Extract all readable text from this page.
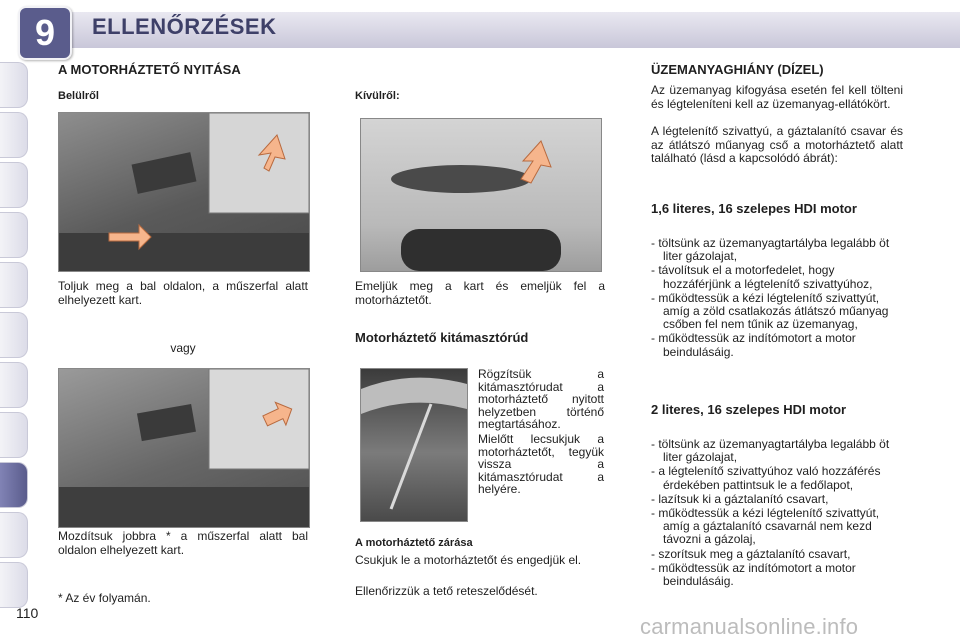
9	ELLENŐRZÉSEK
A MOTORHÁZTETŐ NYITÁSA
Belülről

Toljuk meg a bal oldalon, a műszerfal alatt elhelyezett kart.

vagy

Mozdítsuk jobbra * a műszerfal alatt bal oldalon elhelyezett kart.

* Az év folyamán.
Kívülről:

Emeljük meg a kart és emeljük fel a motorháztetőt.

Motorháztető kitámasztórúd

Rögzítsük a kitámasztórudat a motorháztető nyitott helyzetben történő megtartásához.

Mielőtt lecsukjuk a motorháztetőt, tegyük vissza a kitámasztórudat a helyére.

A motorháztető zárása

Csukjuk le a motorháztetőt és engedjük el.

Ellenőrizzük a tető reteszelődését.

ÜZEMANYAGHIÁNY (DÍZEL)

Az üzemanyag kifogyása esetén fel kell tölteni és légteleníteni kell az üzemanyag-ellátókört.

A légtelenítő szivattyú, a gáztalanító csavar és az átlátszó műanyag cső a motorháztető alatt található (lásd a kapcsolódó ábrát):

1,6 literes, 16 szelepes HDI motor
- töltsünk az üzemanyagtartályba legalább öt liter gázolajat,
- távolítsuk el a motorfedelet, hogy hozzáférjünk a légtelenítő szivattyúhoz,
- működtessük a kézi légtelenítő szivattyút, amíg a zöld csatlakozás átlátszó műanyag csőben fel nem tűnik az üzemanyag,
- működtessük az indítómotort a motor beindulásáig.
2 literes, 16 szelepes HDI motor
- töltsünk az üzemanyagtartályba legalább öt liter gázolajat,
- a légtelenítő szivattyúhoz való hozzáférés érdekében pattintsuk le a fedőlapot,
- lazítsuk ki a gáztalanító csavart,
- működtessük a kézi légtelenítő szivattyút, amíg a gáztalanító csavarnál nem kezd távozni a gázolaj,
- szorítsuk meg a gáztalanító csavart,
- működtessük az indítómotort a motor beindulásáig.
110
carmanualsonline.info
